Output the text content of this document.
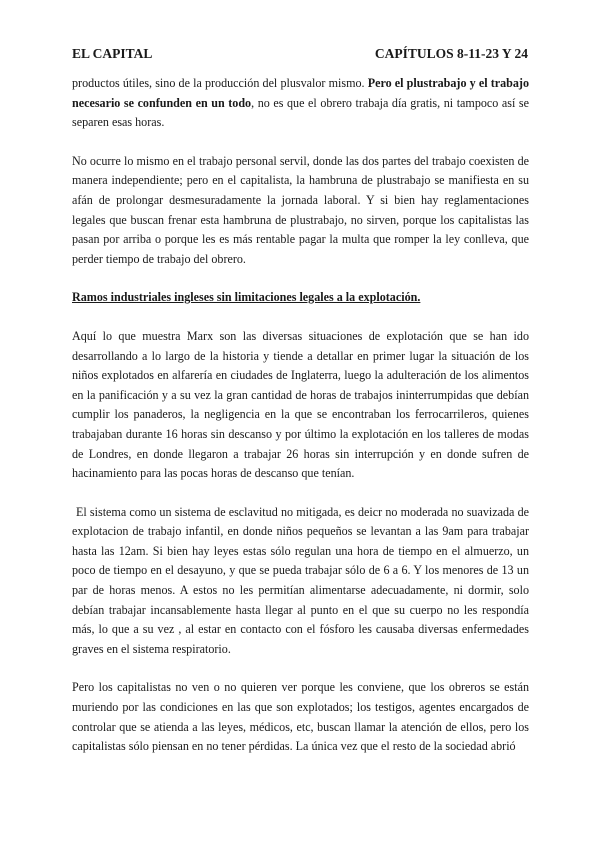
EL CAPITAL	CAPÍTULOS 8-11-23 Y 24

productos útiles, sino de la producción del plusvalor mismo. Pero el plustrabajo y el trabajo necesario se confunden en un todo, no es que el obrero trabaja día gratis, ni tampoco así se separen esas horas.

No ocurre lo mismo en el trabajo personal servil, donde las dos partes del trabajo coexisten de manera independiente; pero en el capitalista, la hambruna de plustrabajo se manifiesta en su afán de prolongar desmesuradamente la jornada laboral. Y si bien hay reglamentaciones legales que buscan frenar esta hambruna de plustrabajo, no sirven, porque los capitalistas las pasan por arriba o porque les es más rentable pagar la multa que romper la ley conlleva, que perder tiempo de trabajo del obrero.

Ramos industriales ingleses sin limitaciones legales a la explotación.

Aquí lo que muestra Marx son las diversas situaciones de explotación que se han ido desarrollando a lo largo de la historia y tiende a detallar en primer lugar la situación de los niños explotados en alfarería en ciudades de Inglaterra, luego la adulteración de los alimentos en la panificación y a su vez la gran cantidad de horas de trabajos ininterrumpidas que debían cumplir los panaderos, la negligencia en la que se encontraban los ferrocarrileros, quienes trabajaban durante 16 horas sin descanso y por último la explotación en los talleres de modas de Londres, en donde llegaron a trabajar 26 horas sin interrupción y en donde sufren de hacinamiento para las pocas horas de descanso que tenían.

El sistema como un sistema de esclavitud no mitigada, es deicr no moderada no suavizada de explotacion de trabajo infantil, en donde niños pequeños se levantan a las 9am para trabajar hasta las 12am. Si bien hay leyes estas sólo regulan una hora de tiempo en el almuerzo, un poco de tiempo en el desayuno, y que se pueda trabajar sólo de 6 a 6. Y los menores de 13 un par de horas menos. A estos no les permitían alimentarse adecuadamente, ni dormir, solo debían trabajar incansablemente hasta llegar al punto en el que su cuerpo no les respondía más, lo que a su vez , al estar en contacto con el fósforo les causaba diversas enfermedades graves en el sistema respiratorio.

Pero los capitalistas no ven o no quieren ver porque les conviene, que los obreros se están muriendo por las condiciones en las que son explotados; los testigos, agentes encargados de controlar que se atienda a las leyes, médicos, etc, buscan llamar la atención de ellos, pero los capitalistas sólo piensan en no tener pérdidas. La única vez que el resto de la sociedad abrió
